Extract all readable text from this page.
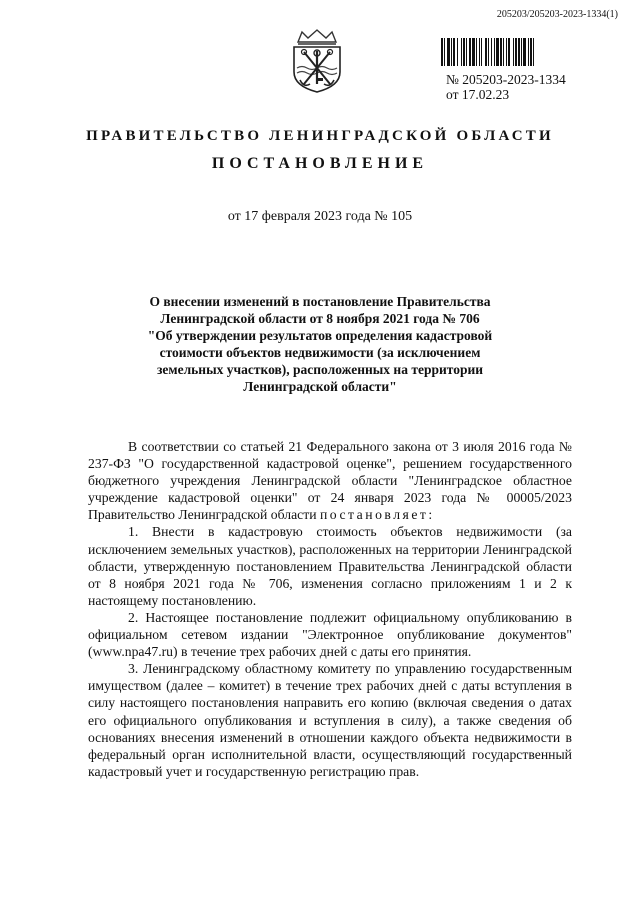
205203/205203-2023-1334(1)
№ 205203-2023-1334
от 17.02.23
ПРАВИТЕЛЬСТВО ЛЕНИНГРАДСКОЙ ОБЛАСТИ
ПОСТАНОВЛЕНИЕ
от 17 февраля 2023 года № 105
О внесении изменений в постановление Правительства
Ленинградской области от 8 ноября 2021 года № 706
"Об утверждении результатов определения кадастровой
стоимости объектов недвижимости (за исключением
земельных участков), расположенных на территории
Ленинградской области"

В соответствии со статьей 21 Федерального закона от 3 июля 2016 года № 237-ФЗ "О государственной кадастровой оценке", решением государственного бюджетного учреждения Ленинградской области "Ленинградское областное учреждение кадастровой оценки" от 24 января 2023 года № 00005/2023 Правительство Ленинградской области постановляет:

1. Внести в кадастровую стоимость объектов недвижимости (за исключением земельных участков), расположенных на территории Ленинградской области, утвержденную постановлением Правительства Ленинградской области от 8 ноября 2021 года № 706, изменения согласно приложениям 1 и 2 к настоящему постановлению.

2. Настоящее постановление подлежит официальному опубликованию в официальном сетевом издании "Электронное опубликование документов" (www.npa47.ru) в течение трех рабочих дней с даты его принятия.

3. Ленинградскому областному комитету по управлению государственным имуществом (далее – комитет) в течение трех рабочих дней с даты вступления в силу настоящего постановления направить его копию (включая сведения о датах его официального опубликования и вступления в силу), а также сведения об основаниях внесения изменений в отношении каждого объекта недвижимости в федеральный орган исполнительной власти, осуществляющий государственный кадастровый учет и государственную регистрацию прав.
